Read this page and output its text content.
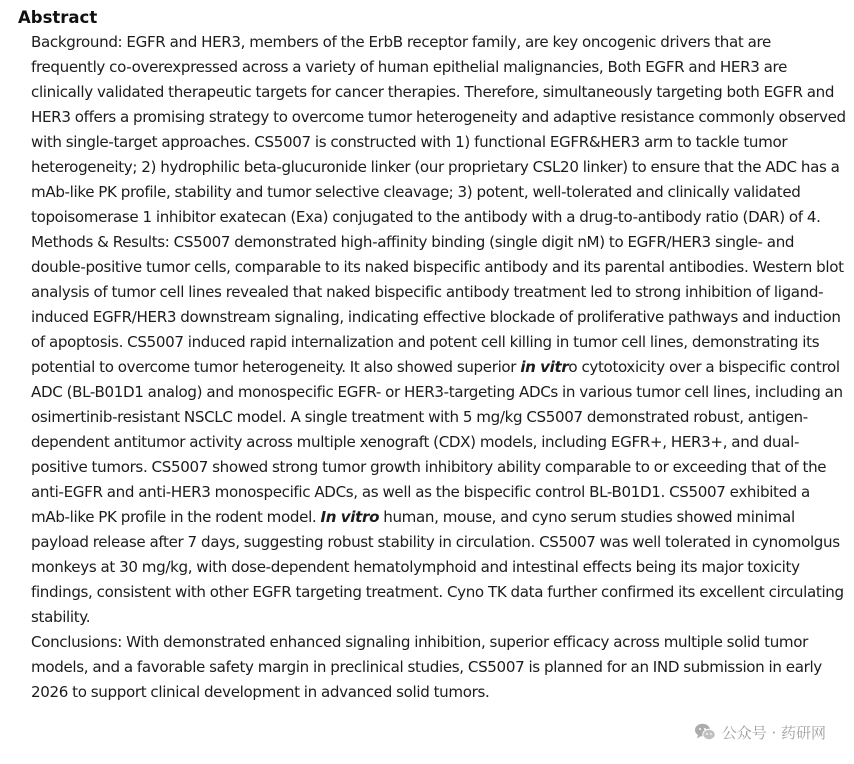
Abstract

Background: EGFR and HER3, members of the ErbB receptor family, are key oncogenic drivers that are frequently co-overexpressed across a variety of human epithelial malignancies, Both EGFR and HER3 are clinically validated therapeutic targets for cancer therapies. Therefore, simultaneously targeting both EGFR and HER3 offers a promising strategy to overcome tumor heterogeneity and adaptive resistance commonly observed with single-target approaches. CS5007 is constructed with 1) functional EGFR&HER3 arm to tackle tumor heterogeneity; 2) hydrophilic beta-glucuronide linker (our proprietary CSL20 linker) to ensure that the ADC has a mAb-like PK profile, stability and tumor selective cleavage; 3) potent, well-tolerated and clinically validated topoisomerase 1 inhibitor exatecan (Exa) conjugated to the antibody with a drug-to-antibody ratio (DAR) of 4.

Methods & Results: CS5007 demonstrated high-affinity binding (single digit nM) to EGFR/HER3 single- and double-positive tumor cells, comparable to its naked bispecific antibody and its parental antibodies. Western blot analysis of tumor cell lines revealed that naked bispecific antibody treatment led to strong inhibition of ligand-induced EGFR/HER3 downstream signaling, indicating effective blockade of proliferative pathways and induction of apoptosis. CS5007 induced rapid internalization and potent cell killing in tumor cell lines, demonstrating its potential to overcome tumor heterogeneity. It also showed superior in vitro cytotoxicity over a bispecific control ADC (BL-B01D1 analog) and monospecific EGFR- or HER3-targeting ADCs in various tumor cell lines, including an osimertinib-resistant NSCLC model. A single treatment with 5 mg/kg CS5007 demonstrated robust, antigen-dependent antitumor activity across multiple xenograft (CDX) models, including EGFR+, HER3+, and dual-positive tumors. CS5007 showed strong tumor growth inhibitory ability comparable to or exceeding that of the anti-EGFR and anti-HER3 monospecific ADCs, as well as the bispecific control BL-B01D1. CS5007 exhibited a mAb-like PK profile in the rodent model. In vitro human, mouse, and cyno serum studies showed minimal payload release after 7 days, suggesting robust stability in circulation. CS5007 was well tolerated in cynomolgus monkeys at 30 mg/kg, with dose-dependent hematolymphoid and intestinal effects being its major toxicity findings, consistent with other EGFR targeting treatment. Cyno TK data further confirmed its excellent circulating stability.

Conclusions: With demonstrated enhanced signaling inhibition, superior efficacy across multiple solid tumor models, and a favorable safety margin in preclinical studies, CS5007 is planned for an IND submission in early 2026 to support clinical development in advanced solid tumors.

公众号 · 药研网
